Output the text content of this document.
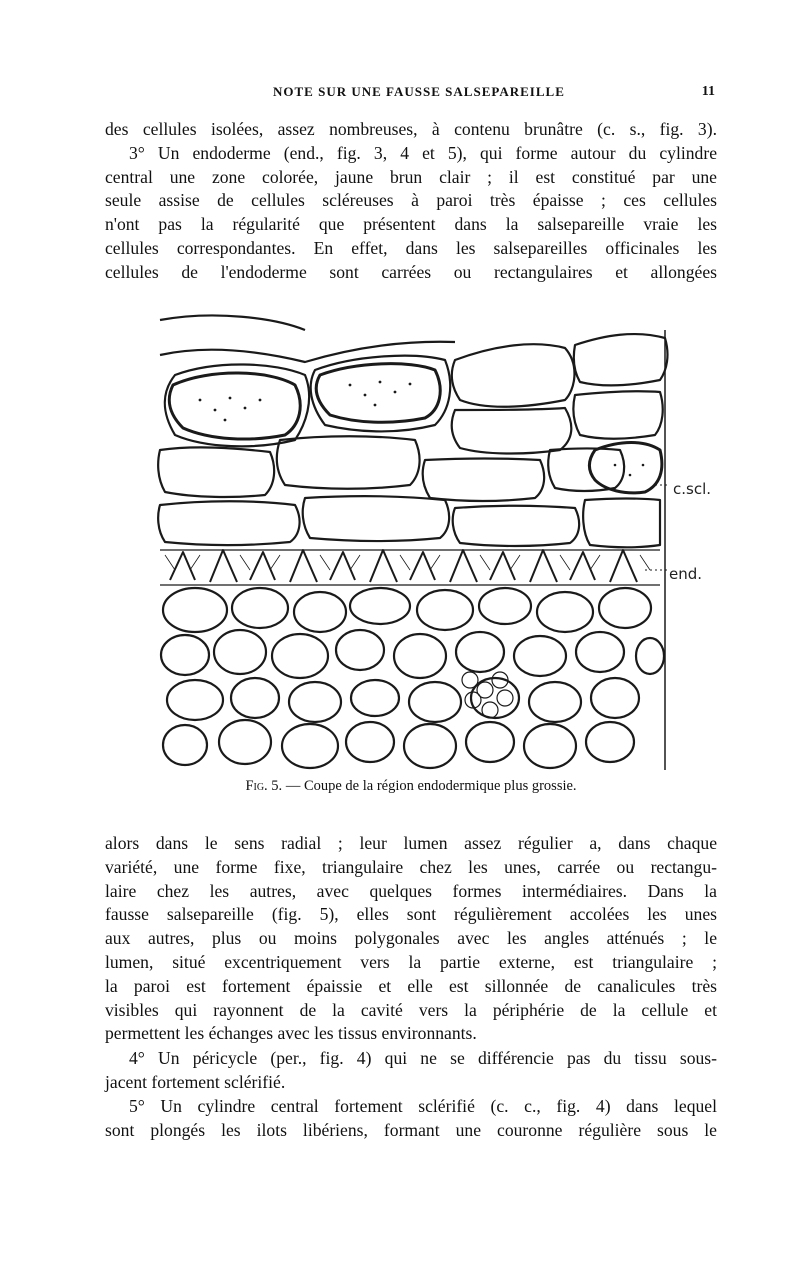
NOTE SUR UNE FAUSSE SALSEPAREILLE	11

des cellules isolées, assez nombreuses, à contenu brunâtre (c. s., fig. 3).
3° Un endoderme (end., fig. 3, 4 et 5), qui forme autour du cylindre
central une zone colorée, jaune brun clair ; il est constitué par une
seule assise de cellules scléreuses à paroi très épaisse ; ces cellules
n'ont pas la régularité que présentent dans la salsepareille vraie les
cellules correspondantes. En effet, dans les salsepareilles officinales les
cellules de l'endoderme sont carrées ou rectangulaires et allongées

c.scl.
end.
Fig. 5. — Coupe de la région endodermique plus grossie.

alors dans le sens radial ; leur lumen assez régulier a, dans chaque
variété, une forme fixe, triangulaire chez les unes, carrée ou rectangu-
laire chez les autres, avec quelques formes intermédiaires. Dans la
fausse salsepareille (fig. 5), elles sont régulièrement accolées les unes
aux autres, plus ou moins polygonales avec les angles atténués ; le
lumen, situé excentriquement vers la partie externe, est triangulaire ;
la paroi est fortement épaissie et elle est sillonnée de canalicules très
visibles qui rayonnent de la cavité vers la périphérie de la cellule et
permettent les échanges avec les tissus environnants.

4° Un péricycle (per., fig. 4) qui ne se différencie pas du tissu sous-
jacent fortement sclérifié.

5° Un cylindre central fortement sclérifié (c. c., fig. 4) dans lequel
sont plongés les ilots libériens, formant une couronne régulière sous le
